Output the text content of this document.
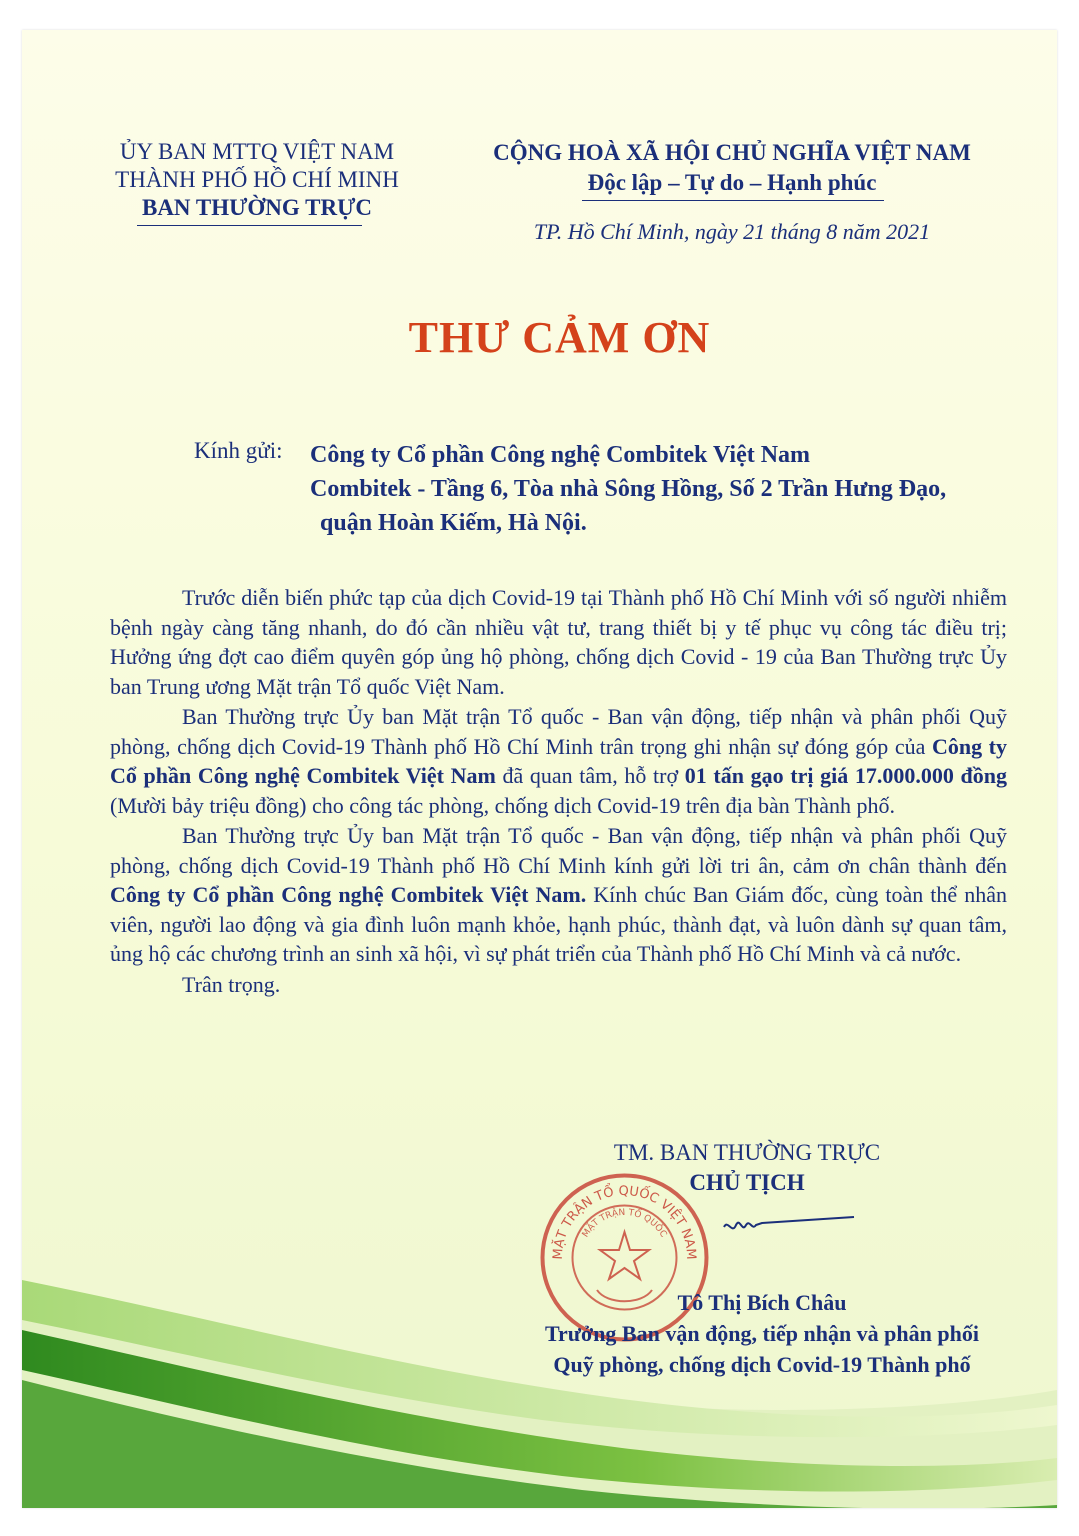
ỦY BAN MTTQ VIỆT NAM
THÀNH PHỐ HỒ CHÍ MINH
BAN THƯỜNG TRỰC
CỘNG HOÀ XÃ HỘI CHỦ NGHĨA VIỆT NAM
Độc lập – Tự do – Hạnh phúc
TP. Hồ Chí Minh, ngày 21 tháng 8 năm 2021
THƯ CẢM ƠN
Kính gửi: Công ty Cổ phần Công nghệ Combitek Việt Nam
Combitek - Tầng 6, Tòa nhà Sông Hồng, Số 2 Trần Hưng Đạo,
quận Hoàn Kiếm, Hà Nội.

Trước diễn biến phức tạp của dịch Covid-19 tại Thành phố Hồ Chí Minh với số người nhiễm bệnh ngày càng tăng nhanh, do đó cần nhiều vật tư, trang thiết bị y tế phục vụ công tác điều trị; Hưởng ứng đợt cao điểm quyên góp ủng hộ phòng, chống dịch Covid - 19 của Ban Thường trực Ủy ban Trung ương Mặt trận Tổ quốc Việt Nam.

Ban Thường trực Ủy ban Mặt trận Tổ quốc - Ban vận động, tiếp nhận và phân phối Quỹ phòng, chống dịch Covid-19 Thành phố Hồ Chí Minh trân trọng ghi nhận sự đóng góp của Công ty Cổ phần Công nghệ Combitek Việt Nam đã quan tâm, hỗ trợ 01 tấn gạo trị giá 17.000.000 đồng (Mười bảy triệu đồng) cho công tác phòng, chống dịch Covid-19 trên địa bàn Thành phố.

Ban Thường trực Ủy ban Mặt trận Tổ quốc - Ban vận động, tiếp nhận và phân phối Quỹ phòng, chống dịch Covid-19 Thành phố Hồ Chí Minh kính gửi lời tri ân, cảm ơn chân thành đến Công ty Cổ phần Công nghệ Combitek Việt Nam. Kính chúc Ban Giám đốc, cùng toàn thể nhân viên, người lao động và gia đình luôn mạnh khỏe, hạnh phúc, thành đạt, và luôn dành sự quan tâm, ủng hộ các chương trình an sinh xã hội, vì sự phát triển của Thành phố Hồ Chí Minh và cả nước.

Trân trọng.

MẶT TRẬN TỔ QUỐC VIỆT NAM
MẶT TRẬN TỔ QUỐC
TM. BAN THƯỜNG TRỰC
CHỦ TỊCH
Tô Thị Bích Châu
Trưởng Ban vận động, tiếp nhận và phân phối
Quỹ phòng, chống dịch Covid-19 Thành phố
